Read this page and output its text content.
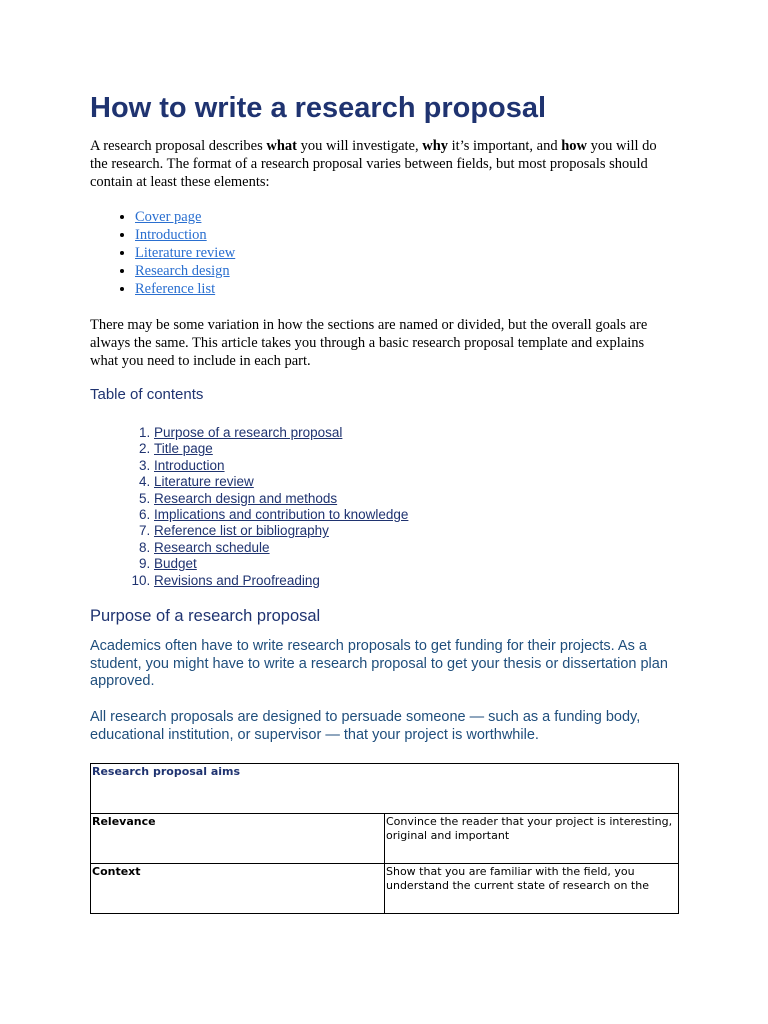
How to write a research proposal

A research proposal describes what you will investigate, why it’s important, and how you will do the research. The format of a research proposal varies between fields, but most proposals should contain at least these elements:

• Cover page
• Introduction
• Literature review
• Research design
• Reference list

There may be some variation in how the sections are named or divided, but the overall goals are always the same. This article takes you through a basic research proposal template and explains what you need to include in each part.

Table of contents
1. Purpose of a research proposal
2. Title page
3. Introduction
4. Literature review
5. Research design and methods
6. Implications and contribution to knowledge
7. Reference list or bibliography
8. Research schedule
9. Budget
10. Revisions and Proofreading
Purpose of a research proposal

Academics often have to write research proposals to get funding for their projects. As a student, you might have to write a research proposal to get your thesis or dissertation plan approved.

All research proposals are designed to persuade someone — such as a funding body, educational institution, or supervisor — that your project is worthwhile.

Research proposal aims	
Relevance	Convince the reader that your project is interesting, original and important
Context	Show that you are familiar with the field, you understand the current state of research on the
